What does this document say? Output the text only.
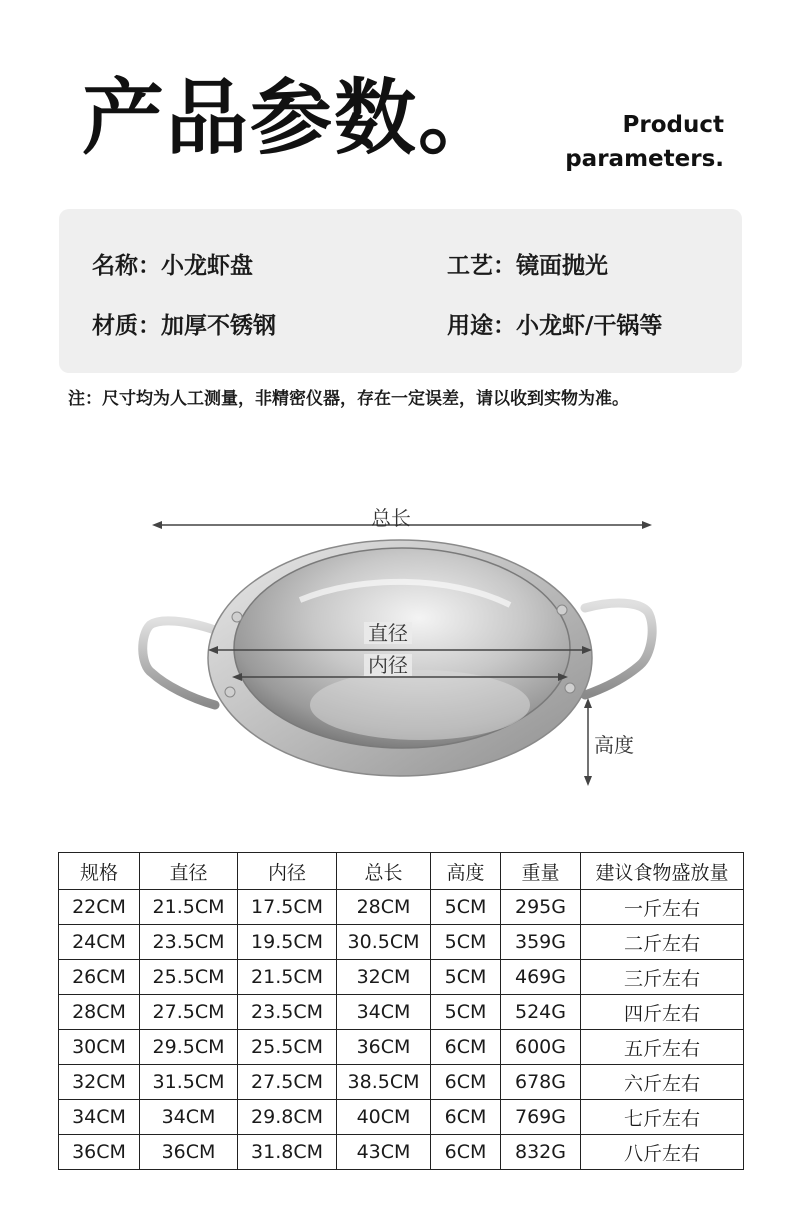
产品参数。	Product
parameters.
名称：小龙虾盘	工艺：镜面抛光
材质：加厚不锈钢	用途：小龙虾/干锅等
注：尺寸均为人工测量，非精密仪器，存在一定误差，请以收到实物为准。
总长
直径
内径
高度
规格	直径	内径	总长	高度	重量	建议食物盛放量
22CM	21.5CM	17.5CM	28CM	5CM	295G	一斤左右
24CM	23.5CM	19.5CM	30.5CM	5CM	359G	二斤左右
26CM	25.5CM	21.5CM	32CM	5CM	469G	三斤左右
28CM	27.5CM	23.5CM	34CM	5CM	524G	四斤左右
30CM	29.5CM	25.5CM	36CM	6CM	600G	五斤左右
32CM	31.5CM	27.5CM	38.5CM	6CM	678G	六斤左右
34CM	34CM	29.8CM	40CM	6CM	769G	七斤左右
36CM	36CM	31.8CM	43CM	6CM	832G	八斤左右
